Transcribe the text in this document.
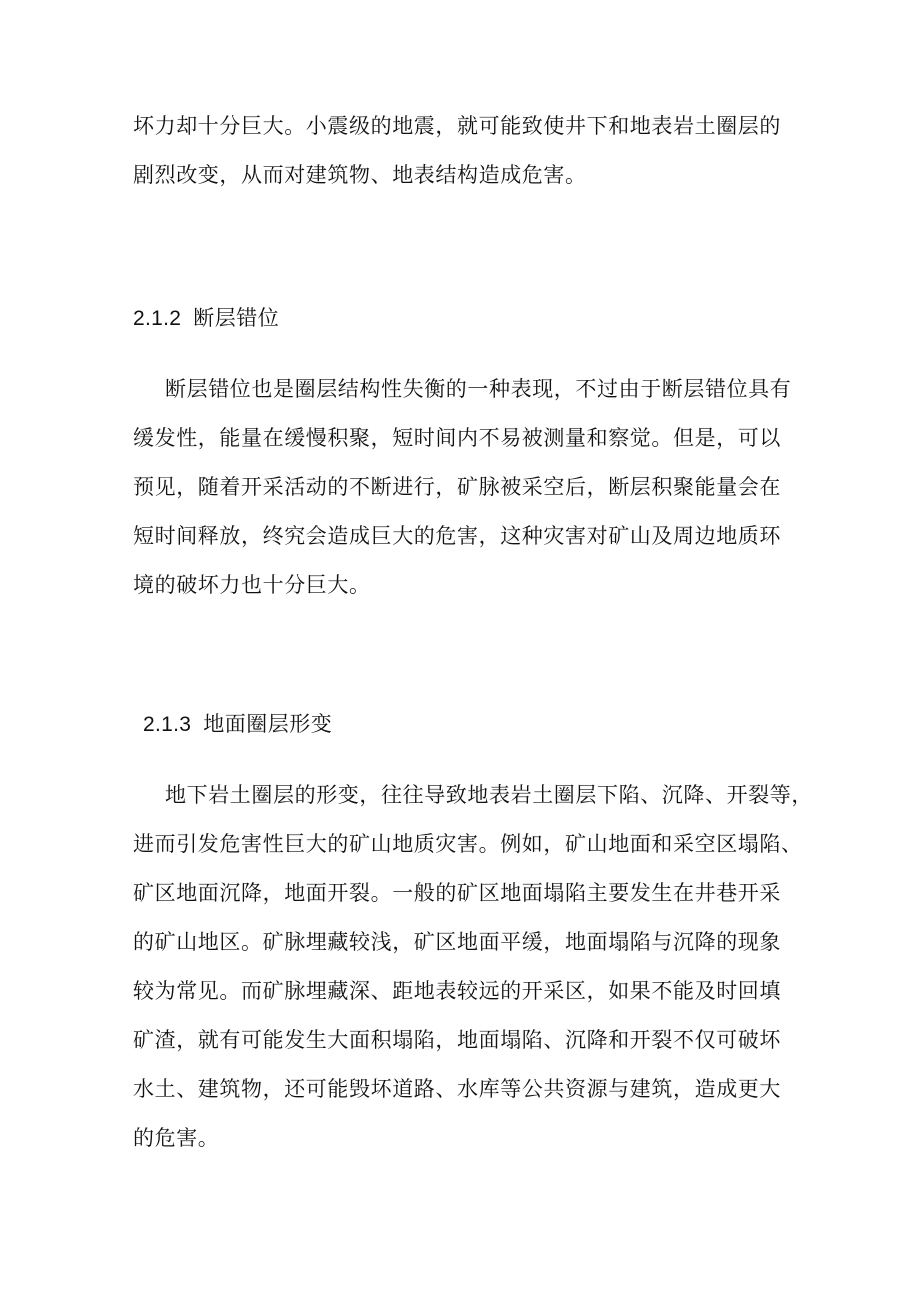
坏力却十分巨大。小震级的地震，就可能致使井下和地表岩土圈层的
剧烈改变，从而对建筑物、地表结构造成危害。
2.1.2 断层错位
断层错位也是圈层结构性失衡的一种表现，不过由于断层错位具有
缓发性，能量在缓慢积聚，短时间内不易被测量和察觉。但是，可以
预见，随着开采活动的不断进行，矿脉被采空后，断层积聚能量会在
短时间释放，终究会造成巨大的危害，这种灾害对矿山及周边地质环
境的破坏力也十分巨大。
2.1.3 地面圈层形变
地下岩土圈层的形变，往往导致地表岩土圈层下陷、沉降、开裂等，
进而引发危害性巨大的矿山地质灾害。例如，矿山地面和采空区塌陷、
矿区地面沉降，地面开裂。一般的矿区地面塌陷主要发生在井巷开采
的矿山地区。矿脉埋藏较浅，矿区地面平缓，地面塌陷与沉降的现象
较为常见。而矿脉埋藏深、距地表较远的开采区，如果不能及时回填
矿渣，就有可能发生大面积塌陷，地面塌陷、沉降和开裂不仅可破坏
水土、建筑物，还可能毁坏道路、水库等公共资源与建筑，造成更大
的危害。
